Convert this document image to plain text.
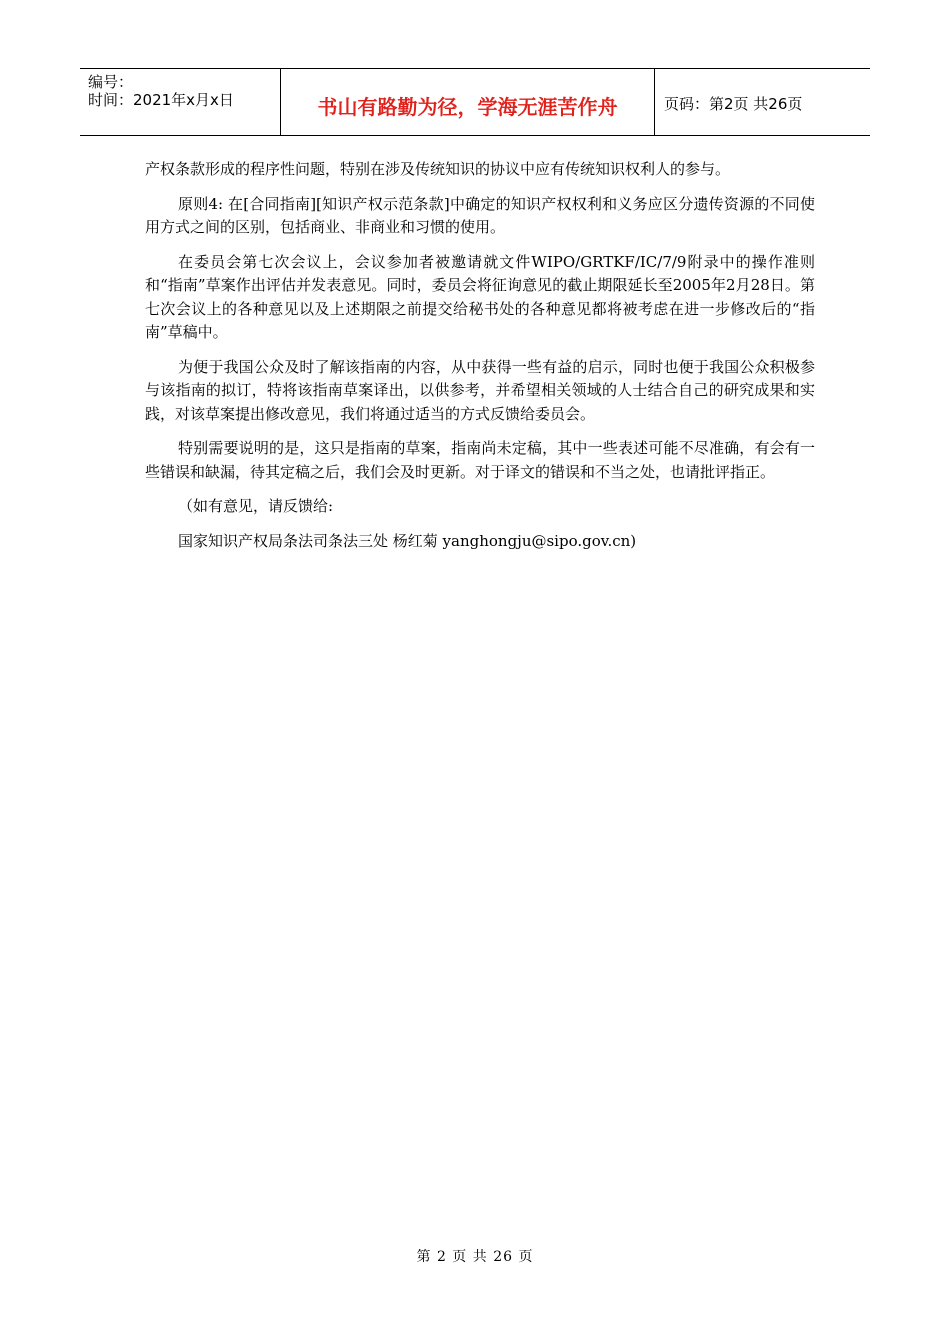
编号：
时间：2021年x月x日	书山有路勤为径，学海无涯苦作舟	页码：第2页 共26页

产权条款形成的程序性问题，特别在涉及传统知识的协议中应有传统知识权利人的参与。

原则4: 在[合同指南][知识产权示范条款]中确定的知识产权权利和义务应区分遗传资源的不同使用方式之间的区别，包括商业、非商业和习惯的使用。

在委员会第七次会议上，会议参加者被邀请就文件WIPO/GRTKF/IC/7/9附录中的操作准则和“指南”草案作出评估并发表意见。同时，委员会将征询意见的截止期限延长至2005年2月28日。第七次会议上的各种意见以及上述期限之前提交给秘书处的各种意见都将被考虑在进一步修改后的“指南”草稿中。

为便于我国公众及时了解该指南的内容，从中获得一些有益的启示，同时也便于我国公众积极参与该指南的拟订，特将该指南草案译出，以供参考，并希望相关领域的人士结合自己的研究成果和实践，对该草案提出修改意见，我们将通过适当的方式反馈给委员会。

特别需要说明的是，这只是指南的草案，指南尚未定稿，其中一些表述可能不尽准确，有会有一些错误和缺漏，待其定稿之后，我们会及时更新。对于译文的错误和不当之处，也请批评指正。

（如有意见，请反馈给:

国家知识产权局条法司条法三处 杨红菊 yanghongju@sipo.gov.cn)

第 2 页 共 26 页
